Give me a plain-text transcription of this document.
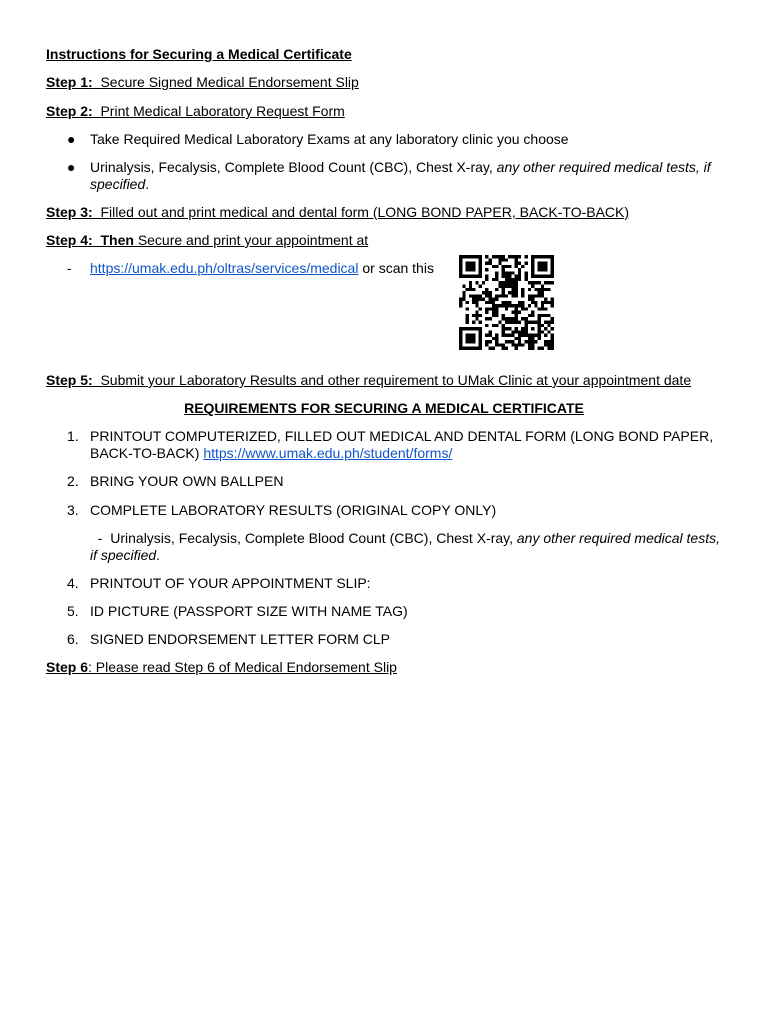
Instructions for Securing a Medical Certificate
Step 1: Secure Signed Medical Endorsement Slip
Step 2: Print Medical Laboratory Request Form
● Take Required Medical Laboratory Exams at any laboratory clinic you choose
● Urinalysis, Fecalysis, Complete Blood Count (CBC), Chest X-ray, any other required medical tests, if
specified.
Step 3: Filled out and print medical and dental form (LONG BOND PAPER, BACK-TO-BACK)
Step 4: Then Secure and print your appointment at
- https://umak.edu.ph/oltras/services/medical or scan this
Step 5: Submit your Laboratory Results and other requirement to UMak Clinic at your appointment date
REQUIREMENTS FOR SECURING A MEDICAL CERTIFICATE
1. PRINTOUT COMPUTERIZED, FILLED OUT MEDICAL AND DENTAL FORM (LONG BOND PAPER,
BACK-TO-BACK) https://www.umak.edu.ph/student/forms/
2. BRING YOUR OWN BALLPEN
3. COMPLETE LABORATORY RESULTS (ORIGINAL COPY ONLY)
- Urinalysis, Fecalysis, Complete Blood Count (CBC), Chest X-ray, any other required medical tests,
if specified.
4. PRINTOUT OF YOUR APPOINTMENT SLIP:
5. ID PICTURE (PASSPORT SIZE WITH NAME TAG)
6. SIGNED ENDORSEMENT LETTER FORM CLP
Step 6: Please read Step 6 of Medical Endorsement Slip
